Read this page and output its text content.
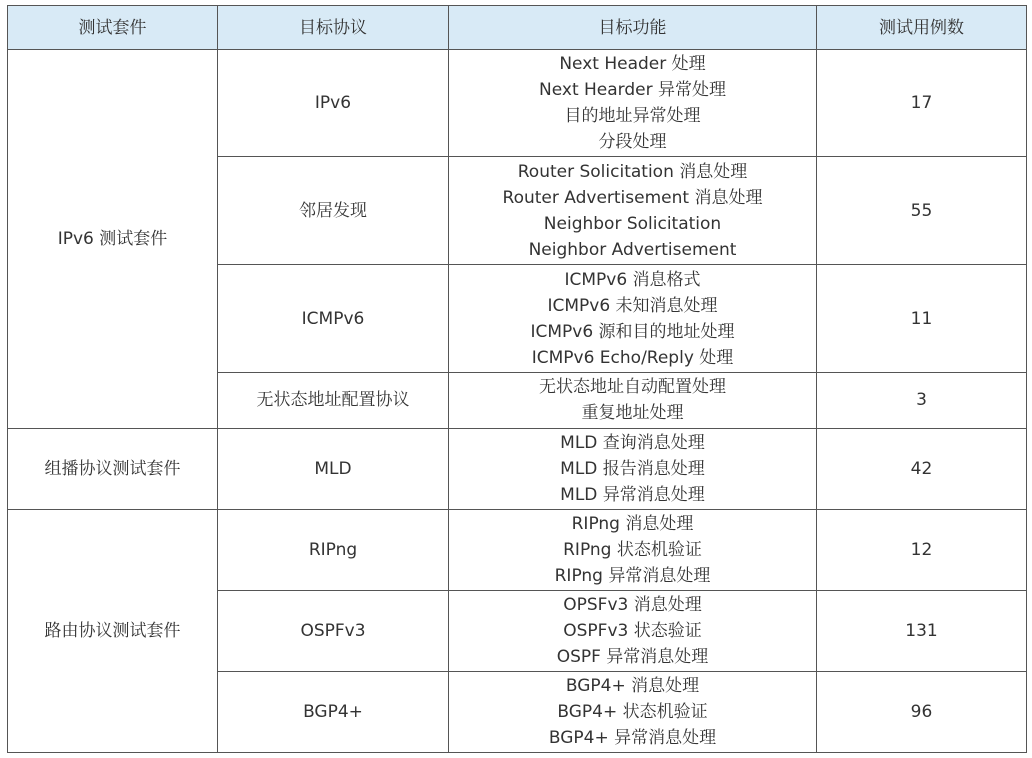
测试套件	目标协议	目标功能	测试用例数
IPv6 测试套件	IPv6	Next Header 处理
Next Hearder 异常处理
目的地址异常处理
分段处理	17
	邻居发现	Router Solicitation 消息处理
Router Advertisement 消息处理
Neighbor Solicitation
Neighbor Advertisement	55
	ICMPv6	ICMPv6 消息格式
ICMPv6 未知消息处理
ICMPv6 源和目的地址处理
ICMPv6 Echo/Reply 处理	11
	无状态地址配置协议	无状态地址自动配置处理
重复地址处理	3
组播协议测试套件	MLD	MLD 查询消息处理
MLD 报告消息处理
MLD 异常消息处理	42
路由协议测试套件	RIPng	RIPng 消息处理
RIPng 状态机验证
RIPng 异常消息处理	12
	OSPFv3	OPSFv3 消息处理
OSPFv3 状态验证
OSPF 异常消息处理	131
	BGP4+	BGP4+ 消息处理
BGP4+ 状态机验证
BGP4+ 异常消息处理	96
